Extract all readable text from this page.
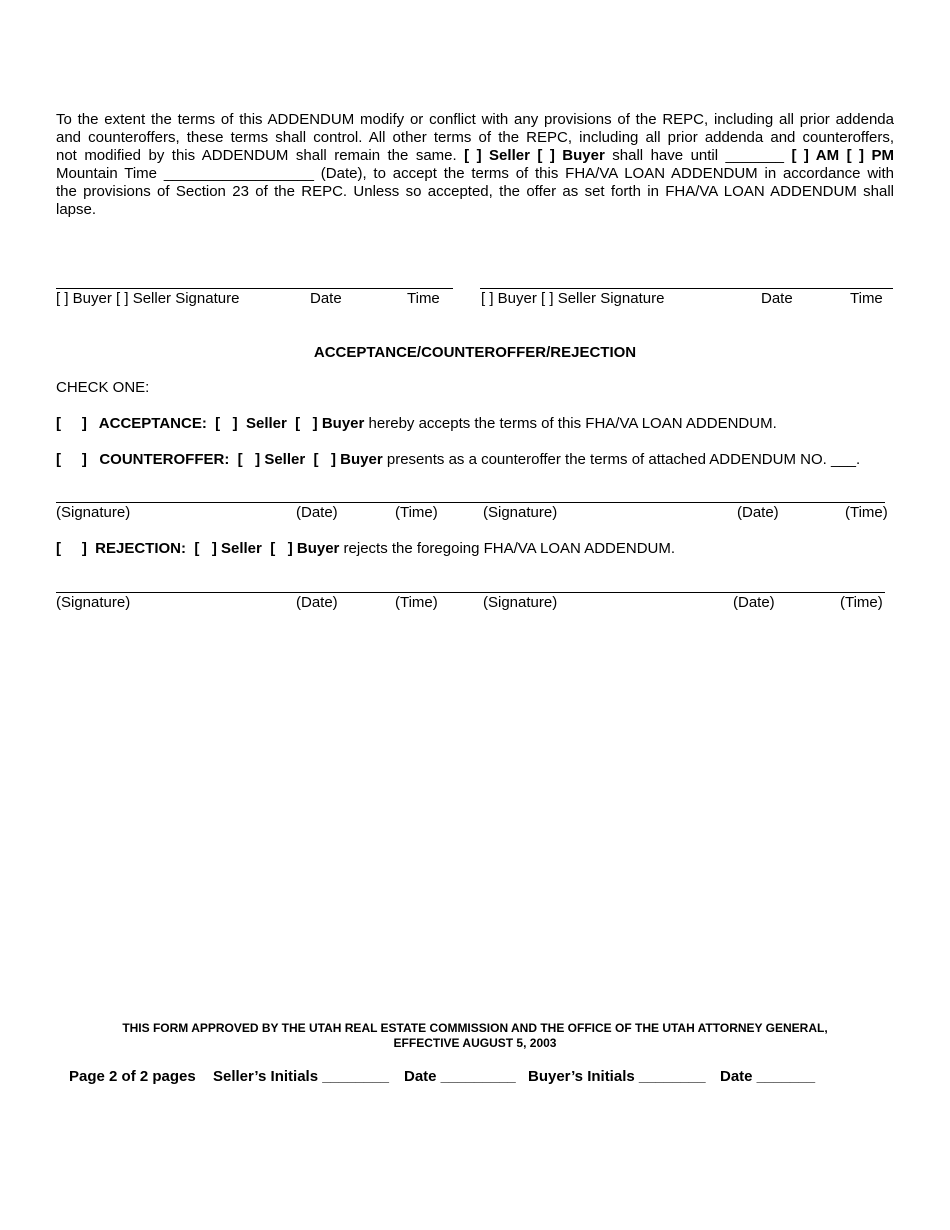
To the extent the terms of this ADDENDUM modify or conflict with any provisions of the REPC, including all prior addenda
and counteroffers, these terms shall control. All other terms of the REPC, including all prior addenda and counteroffers,
not modified by this ADDENDUM shall remain the same. [ ] Seller [ ] Buyer shall have until _______ [ ] AM [ ] PM
Mountain Time __________________ (Date), to accept the terms of this FHA/VA LOAN ADDENDUM in accordance with
the provisions of Section 23 of the REPC. Unless so accepted, the offer as set forth in FHA/VA LOAN ADDENDUM shall
lapse.
[ ] Buyer [ ] Seller Signature	Date	Time	[ ] Buyer [ ] Seller Signature	Date	Time
ACCEPTANCE/COUNTEROFFER/REJECTION
CHECK ONE:
[     ]   ACCEPTANCE:  [   ]  Seller  [   ] Buyer hereby accepts the terms of this FHA/VA LOAN ADDENDUM.
[     ]   COUNTEROFFER:  [   ] Seller  [   ] Buyer presents as a counteroffer the terms of attached ADDENDUM NO. ___.
(Signature)	(Date)	(Time)	(Signature)	(Date)	(Time)
[     ]  REJECTION:  [   ] Seller  [   ] Buyer rejects the foregoing FHA/VA LOAN ADDENDUM.
(Signature)	(Date)	(Time)	(Signature)	(Date)	(Time)
THIS FORM APPROVED BY THE UTAH REAL ESTATE COMMISSION AND THE OFFICE OF THE UTAH ATTORNEY GENERAL,
EFFECTIVE AUGUST 5, 2003
Page 2 of 2 pages Seller’s Initials ________ Date _________ Buyer’s Initials ________ Date _______
